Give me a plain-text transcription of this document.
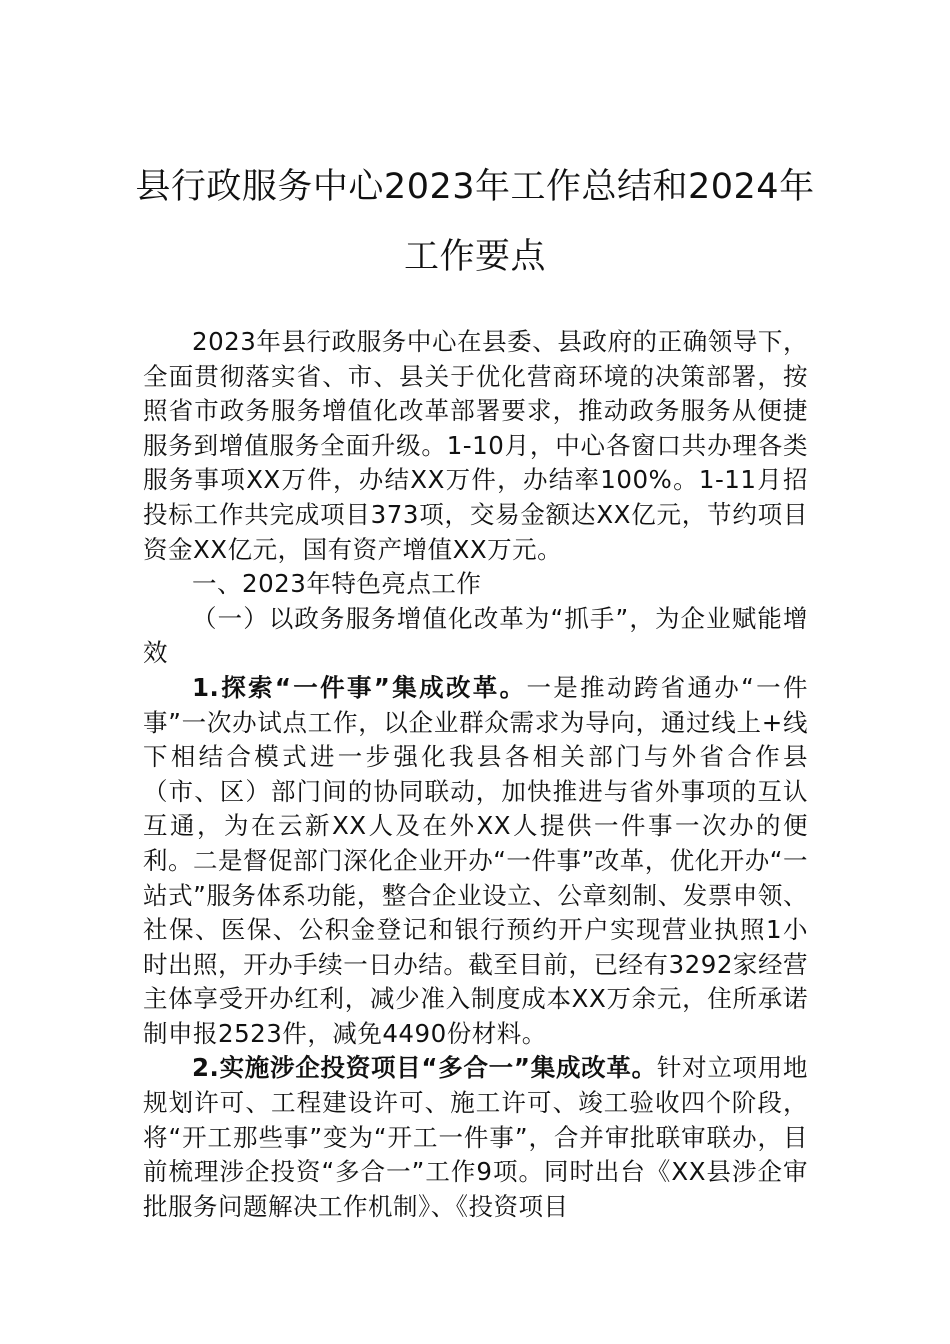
县行政服务中心2023年工作总结和2024年
工作要点

2023年县行政服务中心在县委、县政府的正确领导下，全面贯彻落实省、市、县关于优化营商环境的决策部署，按照省市政务服务增值化改革部署要求，推动政务服务从便捷服务到增值服务全面升级。1-10月，中心各窗口共办理各类服务事项XX万件，办结XX万件，办结率100%。1-11月招投标工作共完成项目373项，交易金额达XX亿元，节约项目资金XX亿元，国有资产增值XX万元。

一、2023年特色亮点工作

（一）以政务服务增值化改革为“抓手”，为企业赋能增效

1.探索“一件事”集成改革。一是推动跨省通办“一件事”一次办试点工作，以企业群众需求为导向，通过线上+线下相结合模式进一步强化我县各相关部门与外省合作县（市、区）部门间的协同联动，加快推进与省外事项的互认互通，为在云新XX人及在外XX人提供一件事一次办的便利。二是督促部门深化企业开办“一件事”改革，优化开办“一站式”服务体系功能，整合企业设立、公章刻制、发票申领、社保、医保、公积金登记和银行预约开户实现营业执照1小时出照，开办手续一日办结。截至目前，已经有3292家经营主体享受开办红利，减少准入制度成本XX万余元，住所承诺制申报2523件，减免4490份材料。

2.实施涉企投资项目“多合一”集成改革。针对立项用地规划许可、工程建设许可、施工许可、竣工验收四个阶段，将“开工那些事”变为“开工一件事”，合并审批联审联办，目前梳理涉企投资“多合一”工作9项。同时出台《XX县涉企审批服务问题解决工作机制》、《投资项目
